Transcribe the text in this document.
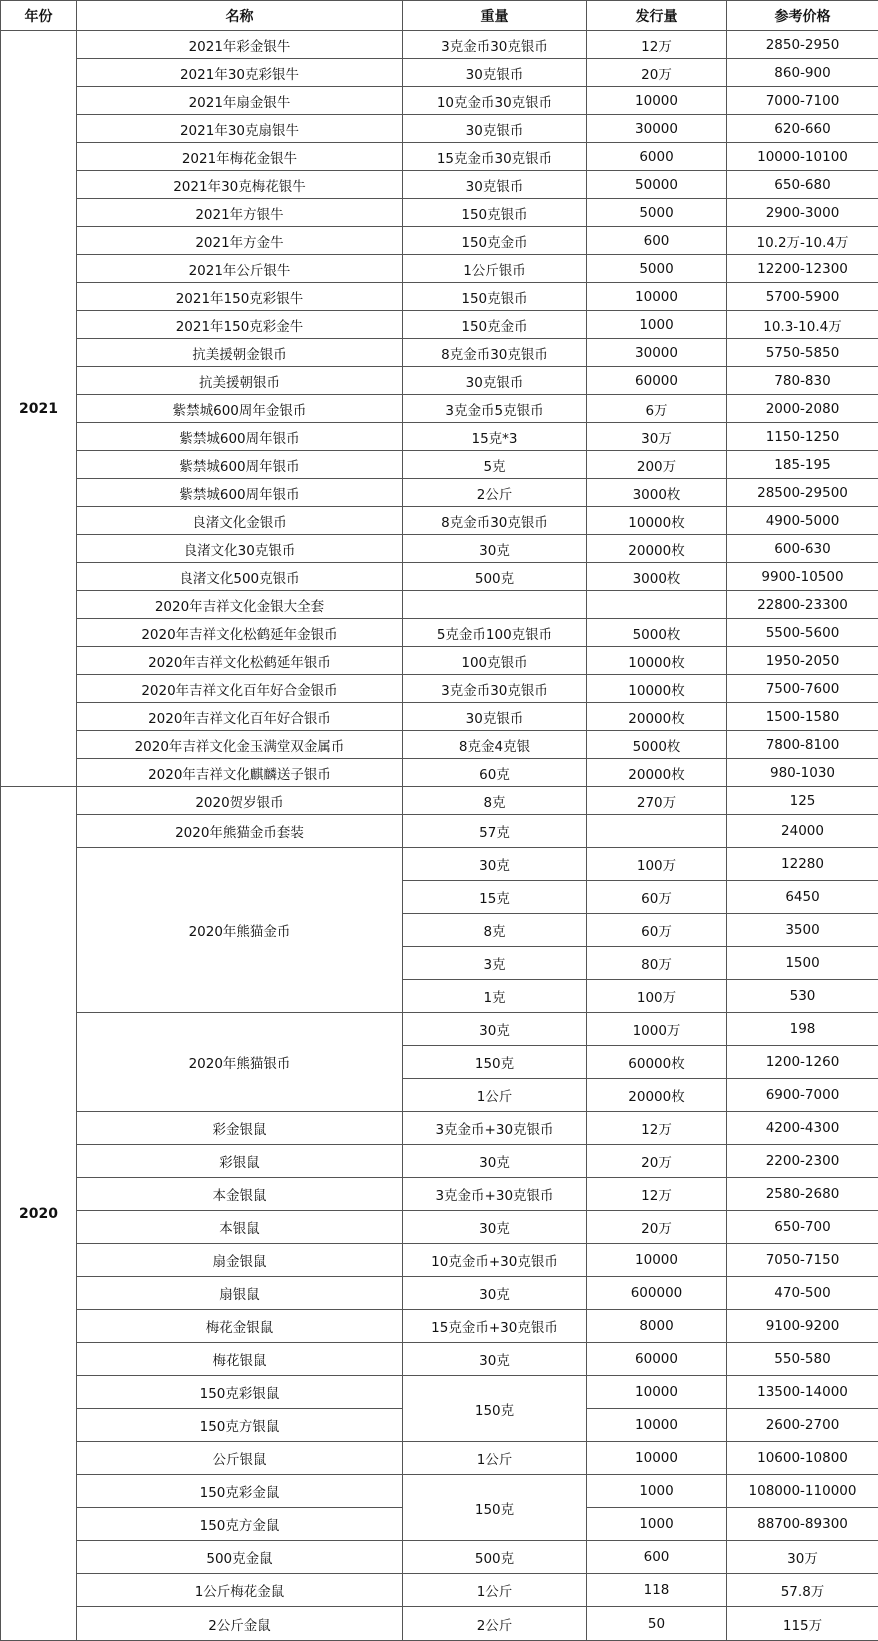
年份	名称	重量	发行量	参考价格
2021	2021年彩金银牛	3克金币30克银币	12万	2850-2950
	2021年30克彩银牛	30克银币	20万	860-900
	2021年扇金银牛	10克金币30克银币	10000	7000-7100
	2021年30克扇银牛	30克银币	30000	620-660
	2021年梅花金银牛	15克金币30克银币	6000	10000-10100
	2021年30克梅花银牛	30克银币	50000	650-680
	2021年方银牛	150克银币	5000	2900-3000
	2021年方金牛	150克金币	600	10.2万-10.4万
	2021年公斤银牛	1公斤银币	5000	12200-12300
	2021年150克彩银牛	150克银币	10000	5700-5900
	2021年150克彩金牛	150克金币	1000	10.3-10.4万
	抗美援朝金银币	8克金币30克银币	30000	5750-5850
	抗美援朝银币	30克银币	60000	780-830
	紫禁城600周年金银币	3克金币5克银币	6万	2000-2080
	紫禁城600周年银币	15克*3	30万	1150-1250
	紫禁城600周年银币	5克	200万	185-195
	紫禁城600周年银币	2公斤	3000枚	28500-29500
	良渚文化金银币	8克金币30克银币	10000枚	4900-5000
	良渚文化30克银币	30克	20000枚	600-630
	良渚文化500克银币	500克	3000枚	9900-10500
	2020年吉祥文化金银大全套			22800-23300
	2020年吉祥文化松鹤延年金银币	5克金币100克银币	5000枚	5500-5600
	2020年吉祥文化松鹤延年银币	100克银币	10000枚	1950-2050
	2020年吉祥文化百年好合金银币	3克金币30克银币	10000枚	7500-7600
	2020年吉祥文化百年好合银币	30克银币	20000枚	1500-1580
	2020年吉祥文化金玉满堂双金属币	8克金4克银	5000枚	7800-8100
	2020年吉祥文化麒麟送子银币	60克	20000枚	980-1030
2020	2020贺岁银币	8克	270万	125
	2020年熊猫金币套装	57克		24000
	2020年熊猫金币	30克	100万	12280
		15克	60万	6450
		8克	60万	3500
		3克	80万	1500
		1克	100万	530
	2020年熊猫银币	30克	1000万	198
		150克	60000枚	1200-1260
		1公斤	20000枚	6900-7000
	彩金银鼠	3克金币+30克银币	12万	4200-4300
	彩银鼠	30克	20万	2200-2300
	本金银鼠	3克金币+30克银币	12万	2580-2680
	本银鼠	30克	20万	650-700
	扇金银鼠	10克金币+30克银币	10000	7050-7150
	扇银鼠	30克	600000	470-500
	梅花金银鼠	15克金币+30克银币	8000	9100-9200
	梅花银鼠	30克	60000	550-580
	150克彩银鼠	150克	10000	13500-14000
	150克方银鼠		10000	2600-2700
	公斤银鼠	1公斤	10000	10600-10800
	150克彩金鼠	150克	1000	108000-110000
	150克方金鼠		1000	88700-89300
	500克金鼠	500克	600	30万
	1公斤梅花金鼠	1公斤	118	57.8万
	2公斤金鼠	2公斤	50	115万
